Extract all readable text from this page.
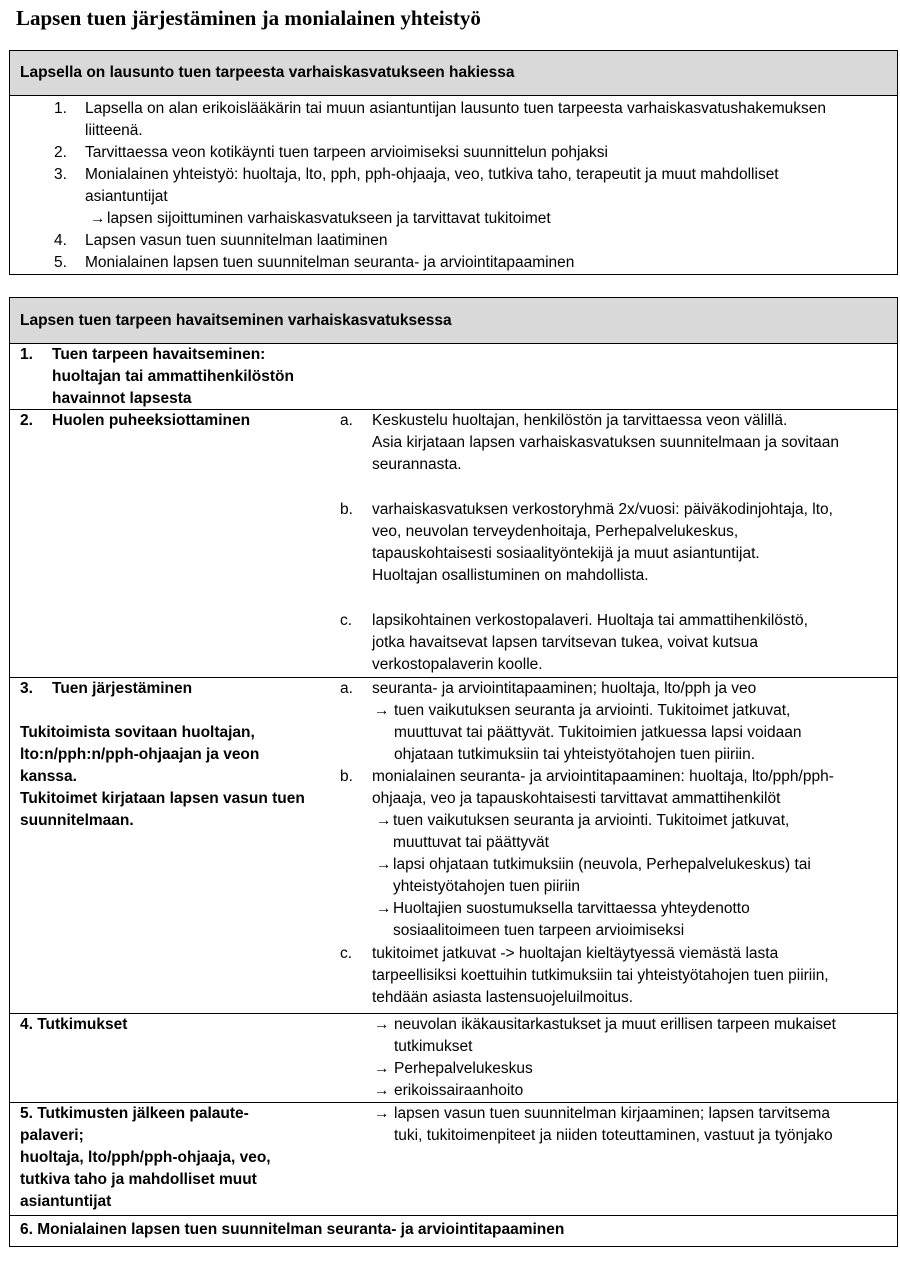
Lapsen tuen järjestäminen ja monialainen yhteistyö
Lapsella on lausunto tuen tarpeesta varhaiskasvatukseen hakiessa
1. Lapsella on alan erikoislääkärin tai muun asiantuntijan lausunto tuen tarpeesta varhaiskasvatushakemuksen
liitteenä.
2. Tarvittaessa veon kotikäynti tuen tarpeen arvioimiseksi suunnittelun pohjaksi
3. Monialainen yhteistyö: huoltaja, lto, pph, pph-ohjaaja, veo, tutkiva taho, terapeutit ja muut mahdolliset
asiantuntijat
→ lapsen sijoittuminen varhaiskasvatukseen ja tarvittavat tukitoimet
4. Lapsen vasun tuen suunnitelman laatiminen
5. Monialainen lapsen tuen suunnitelman seuranta- ja arviointitapaaminen
Lapsen tuen tarpeen havaitseminen varhaiskasvatuksessa
1. Tuen tarpeen havaitseminen:
huoltajan tai ammattihenkilöstön
havainnot lapsesta
2. Huolen puheeksiottaminen	a. Keskustelu huoltajan, henkilöstön ja tarvittaessa veon välillä.
Asia kirjataan lapsen varhaiskasvatuksen suunnitelmaan ja sovitaan
seurannasta.
b. varhaiskasvatuksen verkostoryhmä 2x/vuosi: päiväkodinjohtaja, lto,
veo, neuvolan terveydenhoitaja, Perhepalvelukeskus,
tapauskohtaisesti sosiaalityöntekijä ja muut asiantuntijat.
Huoltajan osallistuminen on mahdollista.
c. lapsikohtainen verkostopalaveri. Huoltaja tai ammattihenkilöstö,
jotka havaitsevat lapsen tarvitsevan tukea, voivat kutsua
verkostopalaverin koolle.
3. Tuen järjestäminen
Tukitoimista sovitaan huoltajan,
lto:n/pph:n/pph-ohjaajan ja veon
kanssa.
Tukitoimet kirjataan lapsen vasun tuen
suunnitelmaan.
a. seuranta- ja arviointitapaaminen; huoltaja, lto/pph ja veo
→ tuen vaikutuksen seuranta ja arviointi. Tukitoimet jatkuvat,
muuttuvat tai päättyvät. Tukitoimien jatkuessa lapsi voidaan
ohjataan tutkimuksiin tai yhteistyötahojen tuen piiriin.
b. monialainen seuranta- ja arviointitapaaminen: huoltaja, lto/pph/pph-
ohjaaja, veo ja tapauskohtaisesti tarvittavat ammattihenkilöt
→ tuen vaikutuksen seuranta ja arviointi. Tukitoimet jatkuvat,
muuttuvat tai päättyvät
→ lapsi ohjataan tutkimuksiin (neuvola, Perhepalvelukeskus) tai
yhteistyötahojen tuen piiriin
→ Huoltajien suostumuksella tarvittaessa yhteydenotto
sosiaalitoimeen tuen tarpeen arvioimiseksi
c. tukitoimet jatkuvat -> huoltajan kieltäytyessä viemästä lasta
tarpeellisiksi koettuihin tutkimuksiin tai yhteistyötahojen tuen piiriin,
tehdään asiasta lastensuojeluilmoitus.
4. Tutkimukset	→ neuvolan ikäkausitarkastukset ja muut erillisen tarpeen mukaiset
tutkimukset
→ Perhepalvelukeskus
→ erikoissairaanhoito
5. Tutkimusten jälkeen palaute-
palaveri;
huoltaja, lto/pph/pph-ohjaaja, veo,
tutkiva taho ja mahdolliset muut
asiantuntijat
→ lapsen vasun tuen suunnitelman kirjaaminen; lapsen tarvitsema
tuki, tukitoimenpiteet ja niiden toteuttaminen, vastuut ja työnjako
6. Monialainen lapsen tuen suunnitelman seuranta- ja arviointitapaaminen
